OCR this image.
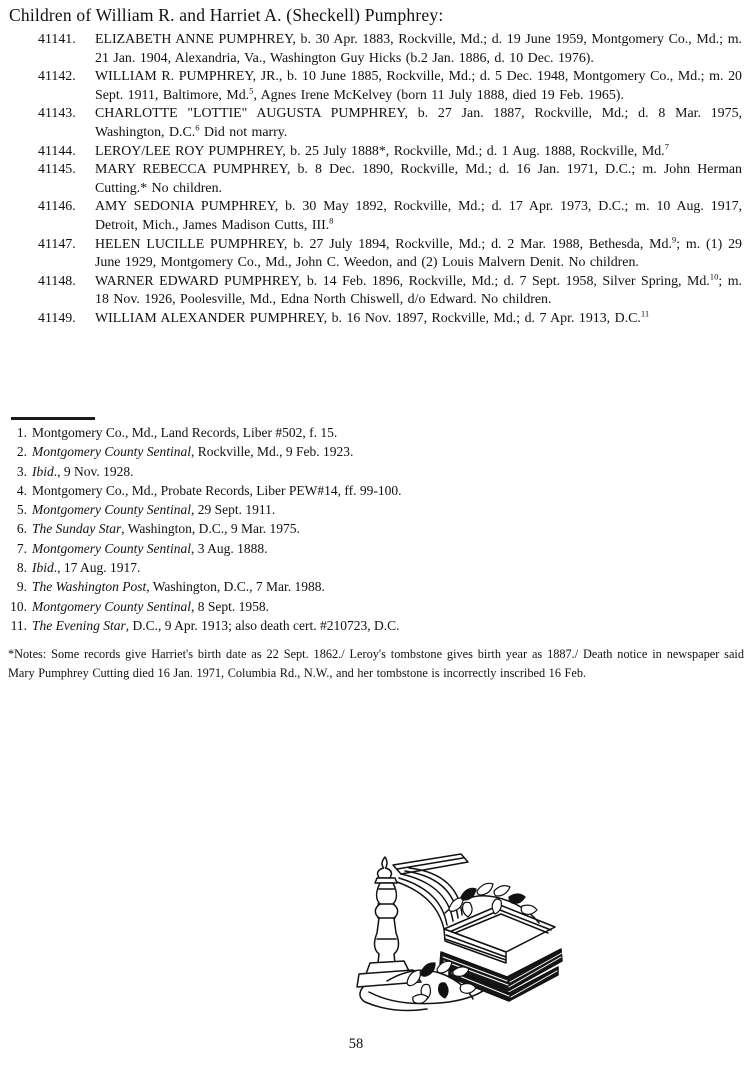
Children of William R. and Harriet A. (Sheckell) Pumphrey:
41141. ELIZABETH ANNE PUMPHREY, b. 30 Apr. 1883, Rockville, Md.; d. 19 June 1959, Montgomery Co., Md.; m. 21 Jan. 1904, Alexandria, Va., Washington Guy Hicks (b.2 Jan. 1886, d. 10 Dec. 1976).
41142. WILLIAM R. PUMPHREY, JR., b. 10 June 1885, Rockville, Md.; d. 5 Dec. 1948, Montgomery Co., Md.; m. 20 Sept. 1911, Baltimore, Md.$^5$, Agnes Irene McKelvey (born 11 July 1888, died 19 Feb. 1965).
41143. CHARLOTTE "LOTTIE" AUGUSTA PUMPHREY, b. 27 Jan. 1887, Rockville, Md.; d. 8 Mar. 1975, Washington, D.C.$^6$ Did not marry.
41144. LEROY/LEE ROY PUMPHREY, b. 25 July 1888*, Rockville, Md.; d. 1 Aug. 1888, Rockville, Md.$^7$
41145. MARY REBECCA PUMPHREY, b. 8 Dec. 1890, Rockville, Md.; d. 16 Jan. 1971, D.C.; m. John Herman Cutting.* No children.
41146. AMY SEDONIA PUMPHREY, b. 30 May 1892, Rockville, Md.; d. 17 Apr. 1973, D.C.; m. 10 Aug. 1917, Detroit, Mich., James Madison Cutts, III.$^8$
41147. HELEN LUCILLE PUMPHREY, b. 27 July 1894, Rockville, Md.; d. 2 Mar. 1988, Bethesda, Md.$^9$; m. (1) 29 June 1929, Montgomery Co., Md., John C. Weedon, and (2) Louis Malvern Denit. No children.
41148. WARNER EDWARD PUMPHREY, b. 14 Feb. 1896, Rockville, Md.; d. 7 Sept. 1958, Silver Spring, Md.$^{10}$; m. 18 Nov. 1926, Poolesville, Md., Edna North Chiswell, d/o Edward. No children.
41149. WILLIAM ALEXANDER PUMPHREY, b. 16 Nov. 1897, Rockville, Md.; d. 7 Apr. 1913, D.C.$^{11}$
1. Montgomery Co., Md., Land Records, Liber #502, f. 15.
2. Montgomery County Sentinal, Rockville, Md., 9 Feb. 1923.
3. Ibid., 9 Nov. 1928.
4. Montgomery Co., Md., Probate Records, Liber PEW#14, ff. 99-100.
5. Montgomery County Sentinal, 29 Sept. 1911.
6. The Sunday Star, Washington, D.C., 9 Mar. 1975.
7. Montgomery County Sentinal, 3 Aug. 1888.
8. Ibid., 17 Aug. 1917.
9. The Washington Post, Washington, D.C., 7 Mar. 1988.
10. Montgomery County Sentinal, 8 Sept. 1958.
11. The Evening Star, D.C., 9 Apr. 1913; also death cert. #210723, D.C.
*Notes: Some records give Harriet's birth date as 22 Sept. 1862./ Leroy's tombstone gives birth year as 1887./ Death notice in newspaper said Mary Pumphrey Cutting died 16 Jan. 1971, Columbia Rd., N.W., and her tombstone is incorrectly inscribed 16 Feb.
58
